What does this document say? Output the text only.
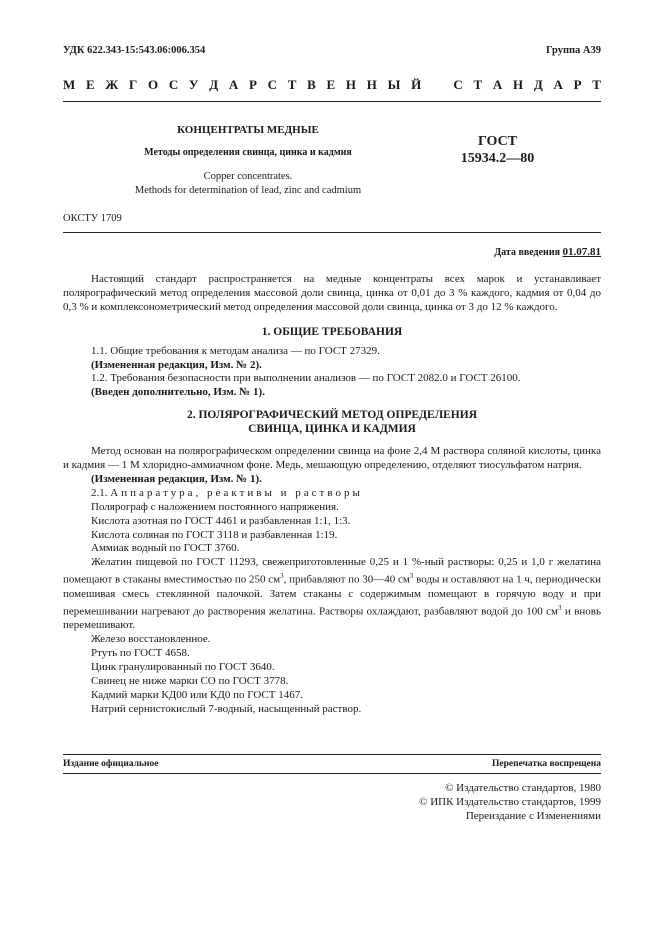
УДК 622.343-15:543.06:006.354	Группа А39
М Е Ж Г О С У Д А Р С Т В Е Н Н Ы Й С Т А Н Д А Р Т
КОНЦЕНТРАТЫ МЕДНЫЕ
Методы определения свинца, цинка и кадмия
Copper concentrates.
Methods for determination of lead, zinc and cadmium
ГОСТ
15934.2—80
ОКСТУ 1709
Дата введения 01.07.81

Настоящий стандарт распространяется на медные концентраты всех марок и устанавливает полярографический метод определения массовой доли свинца, цинка от 0,01 до 3 % каждого, кадмия от 0,04 до 0,3 % и комплексонометрический метод определения массовой доли свинца, цинка от 3 до 12 % каждого.

1. ОБЩИЕ ТРЕБОВАНИЯ

1.1. Общие требования к методам анализа — по ГОСТ 27329.

(Измененная редакция, Изм. № 2).

1.2. Требования безопасности при выполнении анализов — по ГОСТ 2082.0 и ГОСТ 26100.

(Введен дополнительно, Изм. № 1).

2. ПОЛЯРОГРАФИЧЕСКИЙ МЕТОД ОПРЕДЕЛЕНИЯ
СВИНЦА, ЦИНКА И КАДМИЯ

Метод основан на полярографическом определении свинца на фоне 2,4 М раствора соляной кислоты, цинка и кадмия — 1 М хлоридно-аммиачном фоне. Медь, мешающую определению, отделяют тиосульфатом натрия.

(Измененная редакция, Изм. № 1).

2.1. Аппаратура, реактивы и растворы

Полярограф с наложением постоянного напряжения.

Кислота азотная по ГОСТ 4461 и разбавленная 1:1, 1:3.

Кислота соляная по ГОСТ 3118 и разбавленная 1:19.

Аммиак водный по ГОСТ 3760.

Желатин пищевой по ГОСТ 11293, свежеприготовленные 0,25 и 1 %-ный растворы: 0,25 и 1,0 г желатина помещают в стаканы вместимостью по 250 $см^3$, прибавляют по 30—40 $см^3$ воды и оставляют на 1 ч, периодически помешивая смесь стеклянной палочкой. Затем стаканы с содержимым помещают в горячую воду и при перемешивании нагревают до растворения желатина. Растворы охлаждают, разбавляют водой до 100 $см^3$ и вновь перемешивают.

Железо восстановленное.

Ртуть по ГОСТ 4658.

Цинк гранулированный по ГОСТ 3640.

Свинец не ниже марки СО по ГОСТ 3778.

Кадмий марки КД00 или КД0 по ГОСТ 1467.

Натрий сернистокислый 7-водный, насыщенный раствор.

Издание официальное	Перепечатка воспрещена
© Издательство стандартов, 1980
© ИПК Издательство стандартов, 1999
Переиздание с Изменениями
